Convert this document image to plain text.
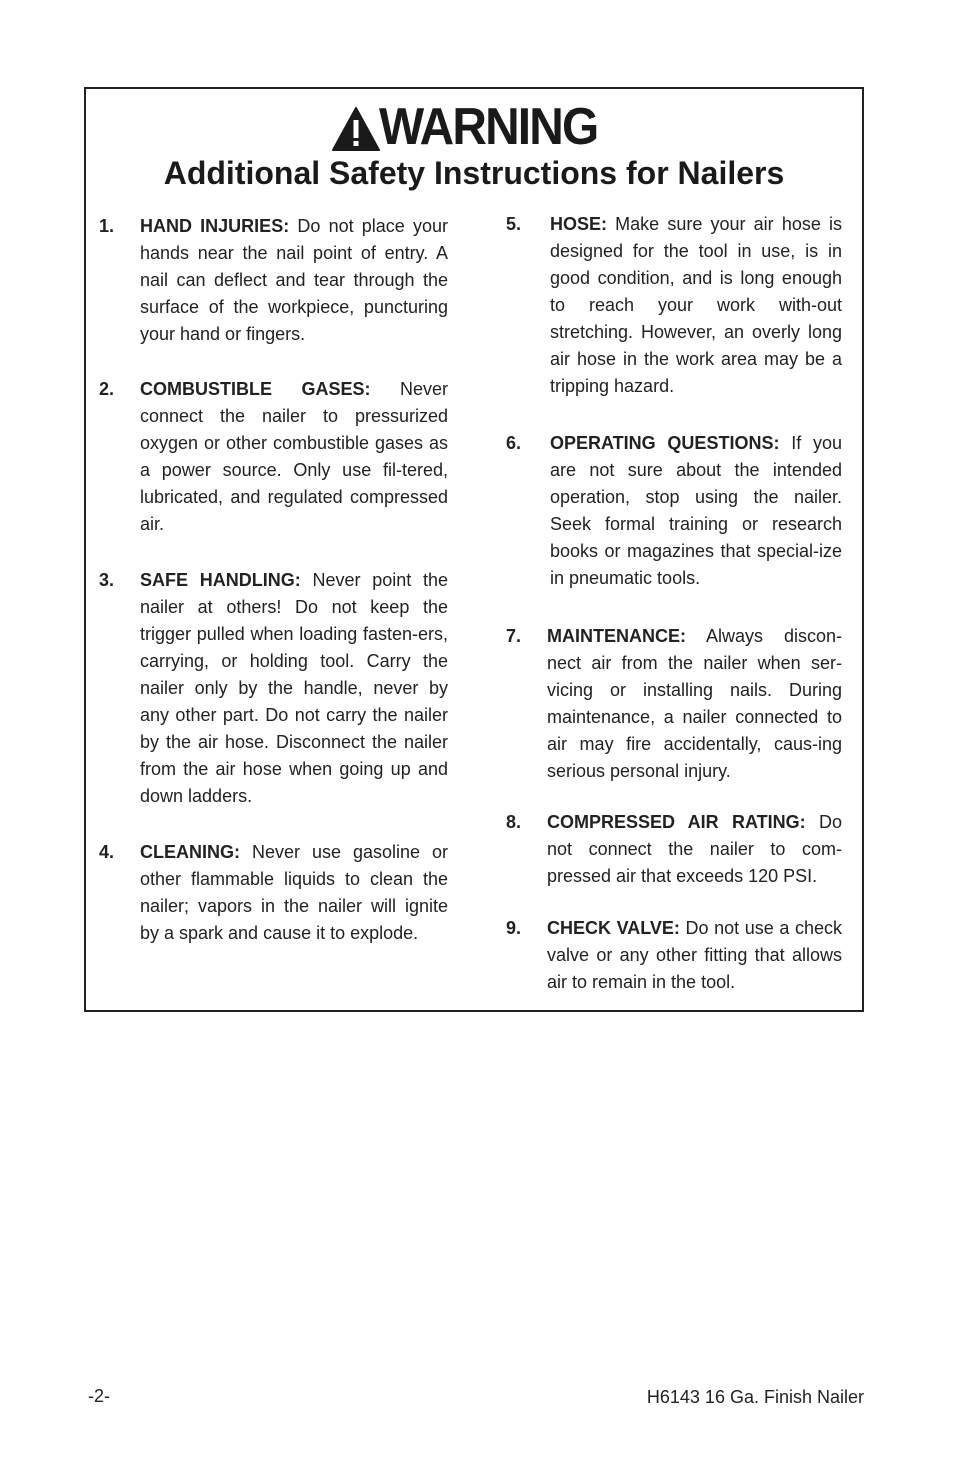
WARNING
Additional Safety Instructions for Nailers
1. HAND INJURIES: Do not place your hands near the nail point of entry. A nail can deflect and tear through the surface of the workpiece, puncturing your hand or fingers.
2. COMBUSTIBLE GASES: Never connect the nailer to pressurized oxygen or other combustible gases as a power source. Only use fil-tered, lubricated, and regulated compressed air.
3. SAFE HANDLING: Never point the nailer at others! Do not keep the trigger pulled when loading fasten-ers, carrying, or holding tool. Carry the nailer only by the handle, never by any other part. Do not carry the nailer by the air hose. Disconnect the nailer from the air hose when going up and down ladders.
4. CLEANING: Never use gasoline or other flammable liquids to clean the nailer; vapors in the nailer will ignite by a spark and cause it to explode.
5. HOSE: Make sure your air hose is designed for the tool in use, is in good condition, and is long enough to reach your work with-out stretching. However, an overly long air hose in the work area may be a tripping hazard.
6. OPERATING QUESTIONS: If you are not sure about the intended operation, stop using the nailer. Seek formal training or research books or magazines that special-ize in pneumatic tools.
7. MAINTENANCE: Always discon-nect air from the nailer when ser-vicing or installing nails. During maintenance, a nailer connected to air may fire accidentally, caus-ing serious personal injury.
8. COMPRESSED AIR RATING: Do not connect the nailer to com-pressed air that exceeds 120 PSI.
9. CHECK VALVE: Do not use a check valve or any other fitting that allows air to remain in the tool.
-2-	H6143 16 Ga. Finish Nailer
